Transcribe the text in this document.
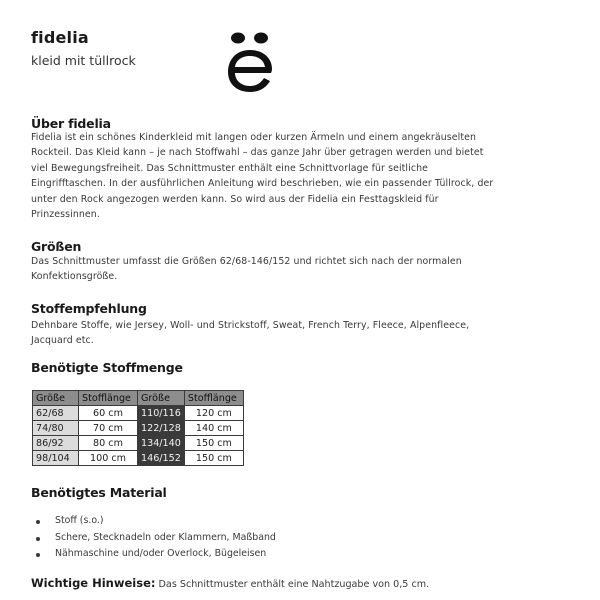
fidelia
kleid mit tüllrock
Über fidelia
Fidelia ist ein schönes Kinderkleid mit langen oder kurzen Ärmeln und einem angekräuselten
Rockteil. Das Kleid kann – je nach Stoffwahl – das ganze Jahr über getragen werden und bietet
viel Bewegungsfreiheit. Das Schnittmuster enthält eine Schnittvorlage für seitliche
Eingrifftaschen. In der ausführlichen Anleitung wird beschrieben, wie ein passender Tüllrock, der
unter den Rock angezogen werden kann. So wird aus der Fidelia ein Festtagskleid für
Prinzessinnen.
Größen
Das Schnittmuster umfasst die Größen 62/68-146/152 und richtet sich nach der normalen
Konfektionsgröße.
Stoffempfehlung
Dehnbare Stoffe, wie Jersey, Woll- und Strickstoff, Sweat, French Terry, Fleece, Alpenfleece,
Jacquard etc.
Benötigte Stoffmenge
Größe	Stofflänge	Größe	Stofflänge
62/68	60 cm	110/116	120 cm
74/80	70 cm	122/128	140 cm
86/92	80 cm	134/140	150 cm
98/104	100 cm	146/152	150 cm
Benötigtes Material
Stoff (s.o.)
Schere, Stecknadeln oder Klammern, Maßband
Nähmaschine und/oder Overlock, Bügeleisen
Wichtige Hinweise: Das Schnittmuster enthält eine Nahtzugabe von 0,5 cm.
